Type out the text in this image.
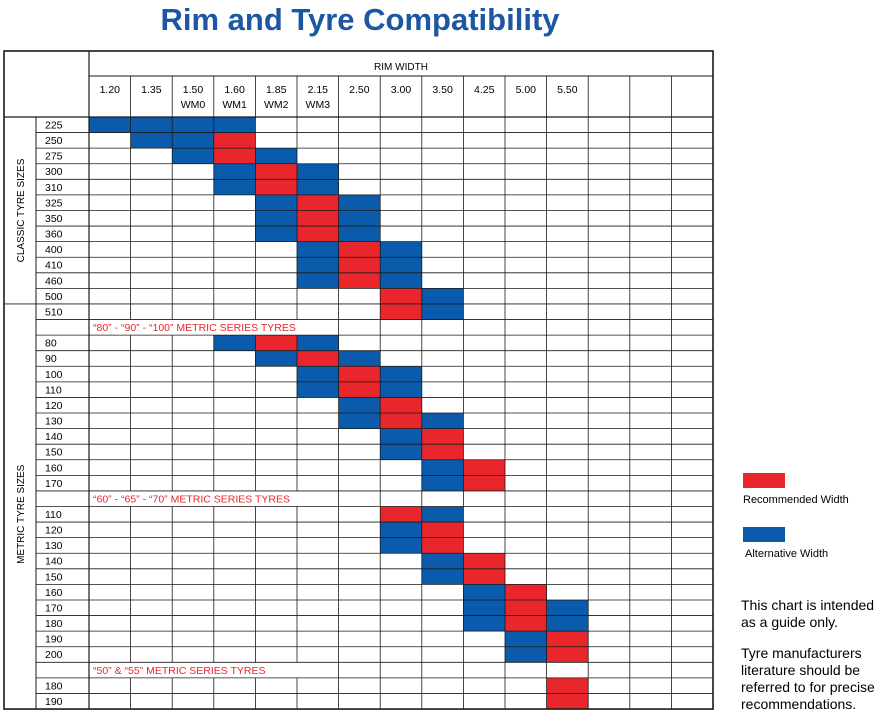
Rim and Tyre Compatibility
RIM WIDTH
1.20 1.35 1.50
WM0
1.60
WM1
1.85
WM2
2.15
WM3
2.50 3.00 3.50 4.25 5.00 5.50
225
250
275
300
310
325
350
360
400
410
460
500
510
“80” - “90” - “100” METRIC SERIES TYRES
80
90
100
110
120
130
140
150
160
170
“60” - “65” - “70” METRIC SERIES TYRES
110
120
130
140
150
160
170
180
190
200
“50” & “55” METRIC SERIES TYRES
180
190
CLASSIC TYRE SIZES
METRIC TYRE SIZES	Recommended Width
Alternative Width
This chart is intended as a guide only.
Tyre manufacturers literature should be referred to for precise recommendations.
